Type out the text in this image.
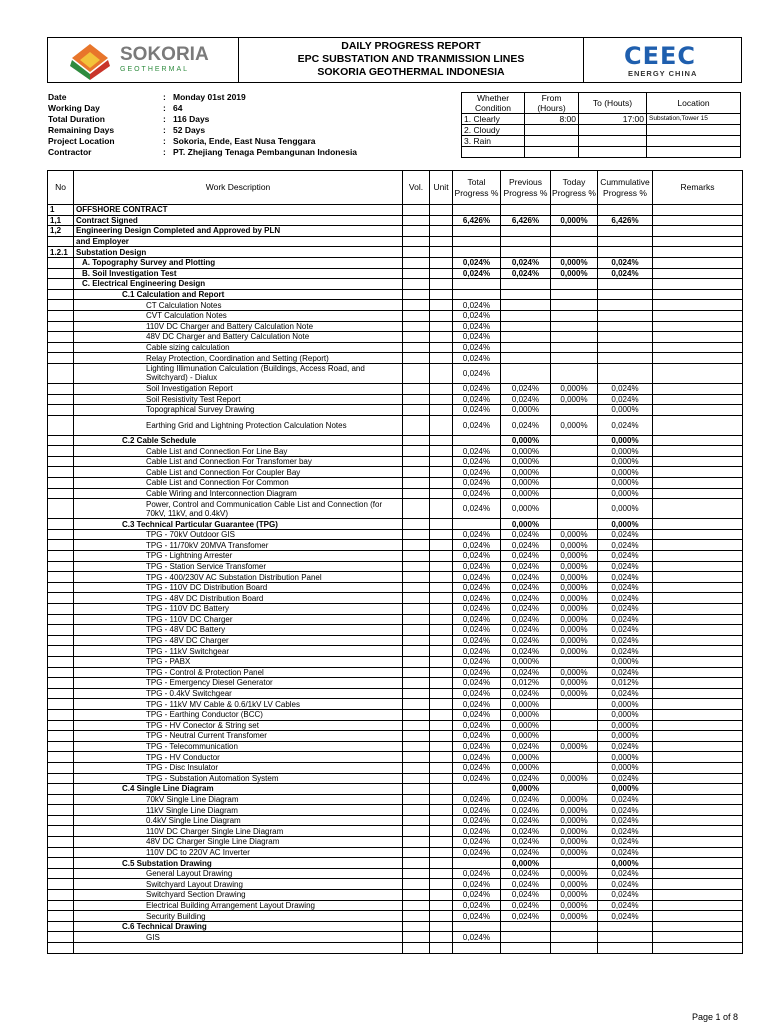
SOKORIA
GEOTHERMAL
DAILY PROGRESS REPORT
EPC SUBSTATION AND TRANMISSION LINES
SOKORIA GEOTHERMAL INDONESIA
CEEC
ENERGY CHINA
Date	: Monday 01st 2019
Working Day	: 64
Total Duration	: 116 Days
Remaining Days	: 52 Days
Project Location	: Sokoria, Ende, East Nusa Tenggara
Contractor	: PT. Zhejiang Tenaga Pembangunan Indonesia
Whether Condition	From (Hours)	To (Houts)	Location
1. Clearly	8:00	17:00	Substation,Tower 15
2. Cloudy			
3. Rain			

No	Work Description	Vol.	Unit	Total Progress %	Previous Progress %	Today Progress %	Cummulative Progress %	Remarks
1	OFFSHORE CONTRACT							
1,1	Contract Signed			6,426%	6,426%	0,000%	6,426%	
1,2	Engineering Design Completed and Approved by PLN							
	and Employer							
1.2.1	Substation Design							
	A. Topography Survey and Plotting			0,024%	0,024%	0,000%	0,024%	
	B. Soil Investigation Test			0,024%	0,024%	0,000%	0,024%	
	C. Electrical Engineering Design							
	C.1 Calculation and Report							
	CT Calculation Notes			0,024%				
	CVT Calculation Notes			0,024%				
	110V DC Charger and Battery Calculation Note			0,024%				
	48V DC Charger and Battery Calculation Note			0,024%				
	Cable sizing calculation			0,024%				
	Relay Protection, Coordination and Setting (Report)			0,024%				
	Lighting Illimunation Calculation (Buildings, Access Road, and Switchyard) - Dialux			0,024%				
	Soil Investigation Report			0,024%	0,024%	0,000%	0,024%	
	Soil Resistivity Test Report			0,024%	0,024%	0,000%	0,024%	
	Topographical Survey Drawing			0,024%	0,000%		0,000%	
	Earthing Grid and Lightning Protection Calculation Notes			0,024%	0,024%	0,000%	0,024%	
	C.2 Cable Schedule				0,000%		0,000%	
	Cable List and Connection For Line Bay			0,024%	0,000%		0,000%	
	Cable List and Connection For Transfomer bay			0,024%	0,000%		0,000%	
	Cable List and Connection For Coupler Bay			0,024%	0,000%		0,000%	
	Cable List and Connection For Common			0,024%	0,000%		0,000%	
	Cable Wiring and Interconnection Diagram			0,024%	0,000%		0,000%	
	Power, Control and Communication Cable List and Connection (for 70kV, 11kV, and 0.4kV)			0,024%	0,000%		0,000%	
	C.3 Technical Particular Guarantee (TPG)				0,000%		0,000%	
	TPG - 70kV Outdoor GIS			0,024%	0,024%	0,000%	0,024%	
	TPG - 11/70kV 20MVA Transfomer			0,024%	0,024%	0,000%	0,024%	
	TPG - Lightning Arrester			0,024%	0,024%	0,000%	0,024%	
	TPG - Station Service Transfomer			0,024%	0,024%	0,000%	0,024%	
	TPG - 400/230V AC Substation Distribution Panel			0,024%	0,024%	0,000%	0,024%	
	TPG - 110V DC Distribution Board			0,024%	0,024%	0,000%	0,024%	
	TPG - 48V DC Distribution Board			0,024%	0,024%	0,000%	0,024%	
	TPG - 110V DC Battery			0,024%	0,024%	0,000%	0,024%	
	TPG - 110V DC Charger			0,024%	0,024%	0,000%	0,024%	
	TPG - 48V DC Battery			0,024%	0,024%	0,000%	0,024%	
	TPG - 48V DC Charger			0,024%	0,024%	0,000%	0,024%	
	TPG - 11kV Switchgear			0,024%	0,024%	0,000%	0,024%	
	TPG - PABX			0,024%	0,000%		0,000%	
	TPG - Control & Protection Panel			0,024%	0,024%	0,000%	0,024%	
	TPG - Emergency Diesel Generator			0,024%	0,012%	0,000%	0,012%	
	TPG - 0.4kV Switchgear			0,024%	0,024%	0,000%	0,024%	
	TPG - 11kV MV Cable & 0.6/1kV LV Cables			0,024%	0,000%		0,000%	
	TPG - Earthing Conductor (BCC)			0,024%	0,000%		0,000%	
	TPG - HV Conector & String set			0,024%	0,000%		0,000%	
	TPG - Neutral Current Transfomer			0,024%	0,000%		0,000%	
	TPG - Telecommunication			0,024%	0,024%	0,000%	0,024%	
	TPG - HV Conductor			0,024%	0,000%		0,000%	
	TPG - Disc Insulator			0,024%	0,000%		0,000%	
	TPG - Substation Automation System			0,024%	0,024%	0,000%	0,024%	
	C.4 Single Line Diagram				0,000%		0,000%	
	70kV Single Line Diagram			0,024%	0,024%	0,000%	0,024%	
	11kV Single Line Diagram			0,024%	0,024%	0,000%	0,024%	
	0.4kV Single Line Diagram			0,024%	0,024%	0,000%	0,024%	
	110V DC Charger Single Line Diagram			0,024%	0,024%	0,000%	0,024%	
	48V DC Charger Single Line Diagram			0,024%	0,024%	0,000%	0,024%	
	110V DC to 220V AC Inverter			0,024%	0,024%	0,000%	0,024%	
	C.5 Substation Drawing				0,000%		0,000%	
	General Layout Drawing			0,024%	0,024%	0,000%	0,024%	
	Switchyard Layout Drawing			0,024%	0,024%	0,000%	0,024%	
	Switchyard Section Drawing			0,024%	0,024%	0,000%	0,024%	
	Electrical Building Arrangement Layout Drawing			0,024%	0,024%	0,000%	0,024%	
	Security Building			0,024%	0,024%	0,000%	0,024%	
	C.6 Technical Drawing							
	GIS			0,024%				

Page 1 of 8
